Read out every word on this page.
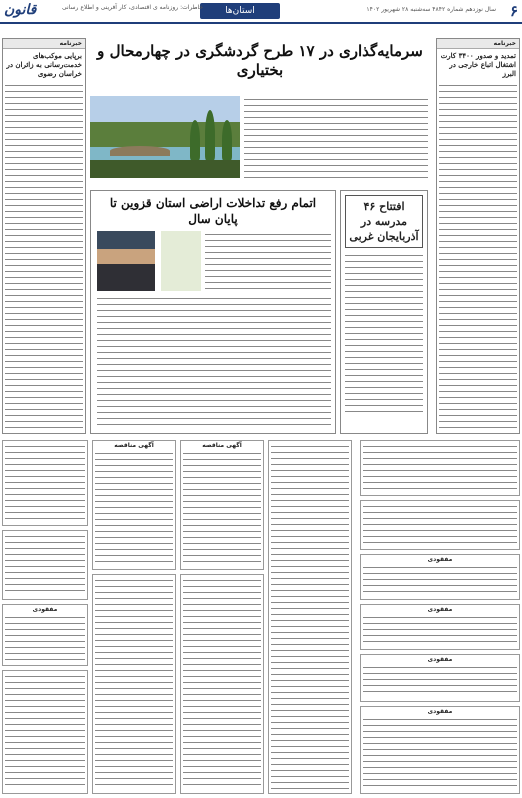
۶
سال نوزدهم شماره ۴۸۴۲ سه‌شنبه ۲۸ شهریور ۱۴۰۲
استان‌ها
خاطرات: روزنامه ی اقتصادی، کار آفرینی و اطلاع رسانی
قانون
خبرنامه
تمدید و صدور ۳۴۰۰ کارت اشتغال اتباع خارجی در البرز
خبرنامه
برپایی موکب‌های خدمت‌رسانی به زائران در خراسان رضوی
سرمایه‌گذاری در ۱۷ طرح گردشگری در چهارمحال و بختیاری
افتتاح ۴۶ مدرسه در آذربایجان غربی
اتمام رفع تداخلات اراضی استان قزوین تا پایان سال
مفقودی
مفقودی
مفقودی
مفقودی
آگهی مناقصه
آگهی مناقصه
مفقودی
